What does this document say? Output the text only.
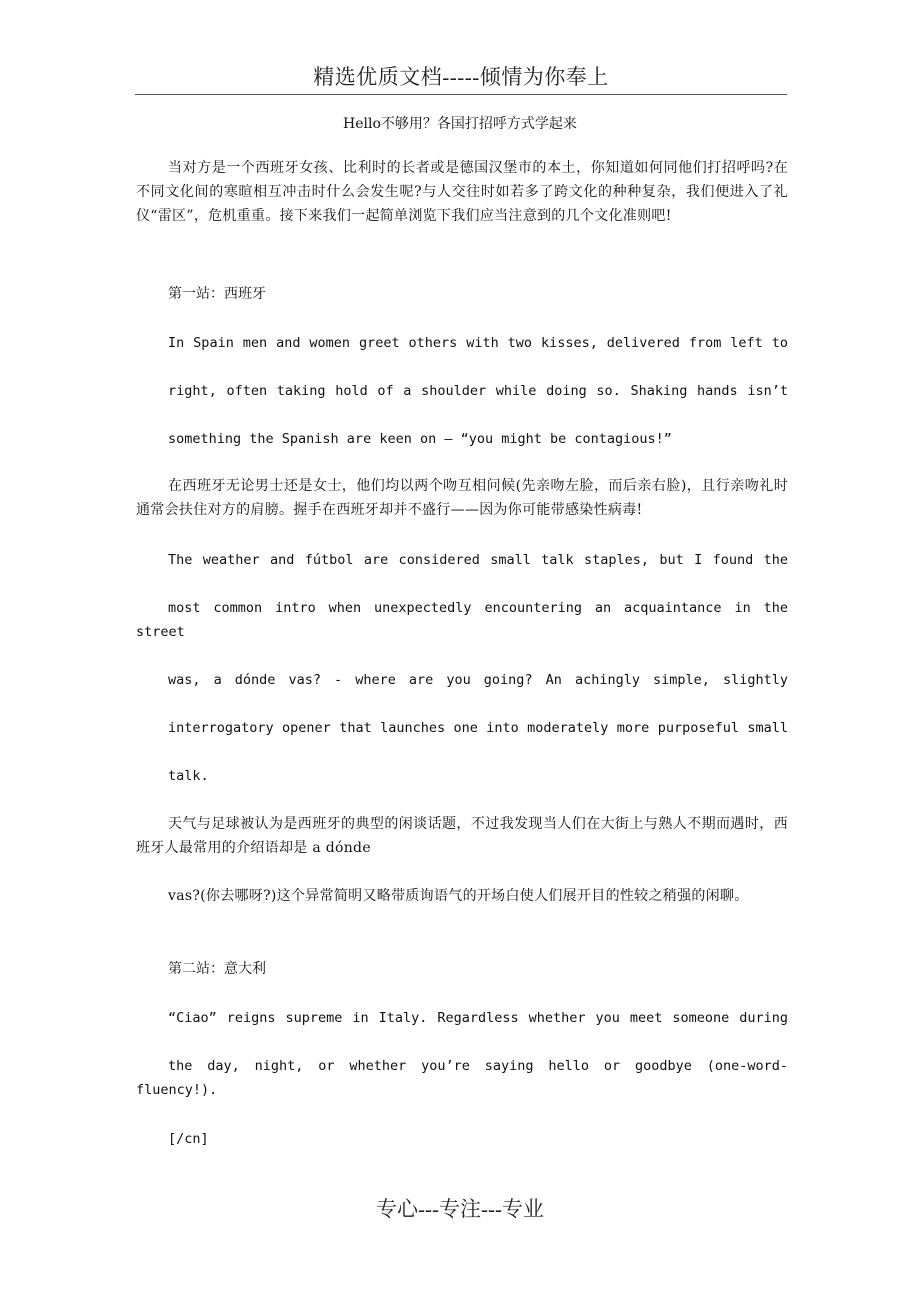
精选优质文档-----倾情为你奉上
Hello不够用？各国打招呼方式学起来

当对方是一个西班牙女孩、比利时的长者或是德国汉堡市的本土，你知道如何同他们打招呼吗?在不同文化间的寒暄相互冲击时什么会发生呢?与人交往时如若多了跨文化的种种复杂，我们便进入了礼仪“雷区”，危机重重。接下来我们一起简单浏览下我们应当注意到的几个文化准则吧!

第一站：西班牙
In Spain men and women greet others with two kisses, delivered from left to
right, often taking hold of a shoulder while doing so. Shaking hands isn’t
something the Spanish are keen on – “you might be contagious!”

在西班牙无论男士还是女士，他们均以两个吻互相问候(先亲吻左脸，而后亲右脸)，且行亲吻礼时通常会扶住对方的肩膀。握手在西班牙却并不盛行——因为你可能带感染性病毒!

The weather and fútbol are considered small talk staples, but I found the
most common intro when unexpectedly encountering an acquaintance in the
street
was, a dónde vas? - where are you going? An achingly simple, slightly
interrogatory opener that launches one into moderately more purposeful small
talk.

天气与足球被认为是西班牙的典型的闲谈话题，不过我发现当人们在大街上与熟人不期而遇时，西班牙人最常用的介绍语却是 a dónde

vas?(你去哪呀?)这个异常简明又略带质询语气的开场白使人们展开目的性较之稍强的闲聊。

第二站：意大利
“Ciao” reigns supreme in Italy. Regardless whether you meet someone during
the day, night, or whether you’re saying hello or goodbye (one-word-
fluency!).
[/cn]
专心---专注---专业
